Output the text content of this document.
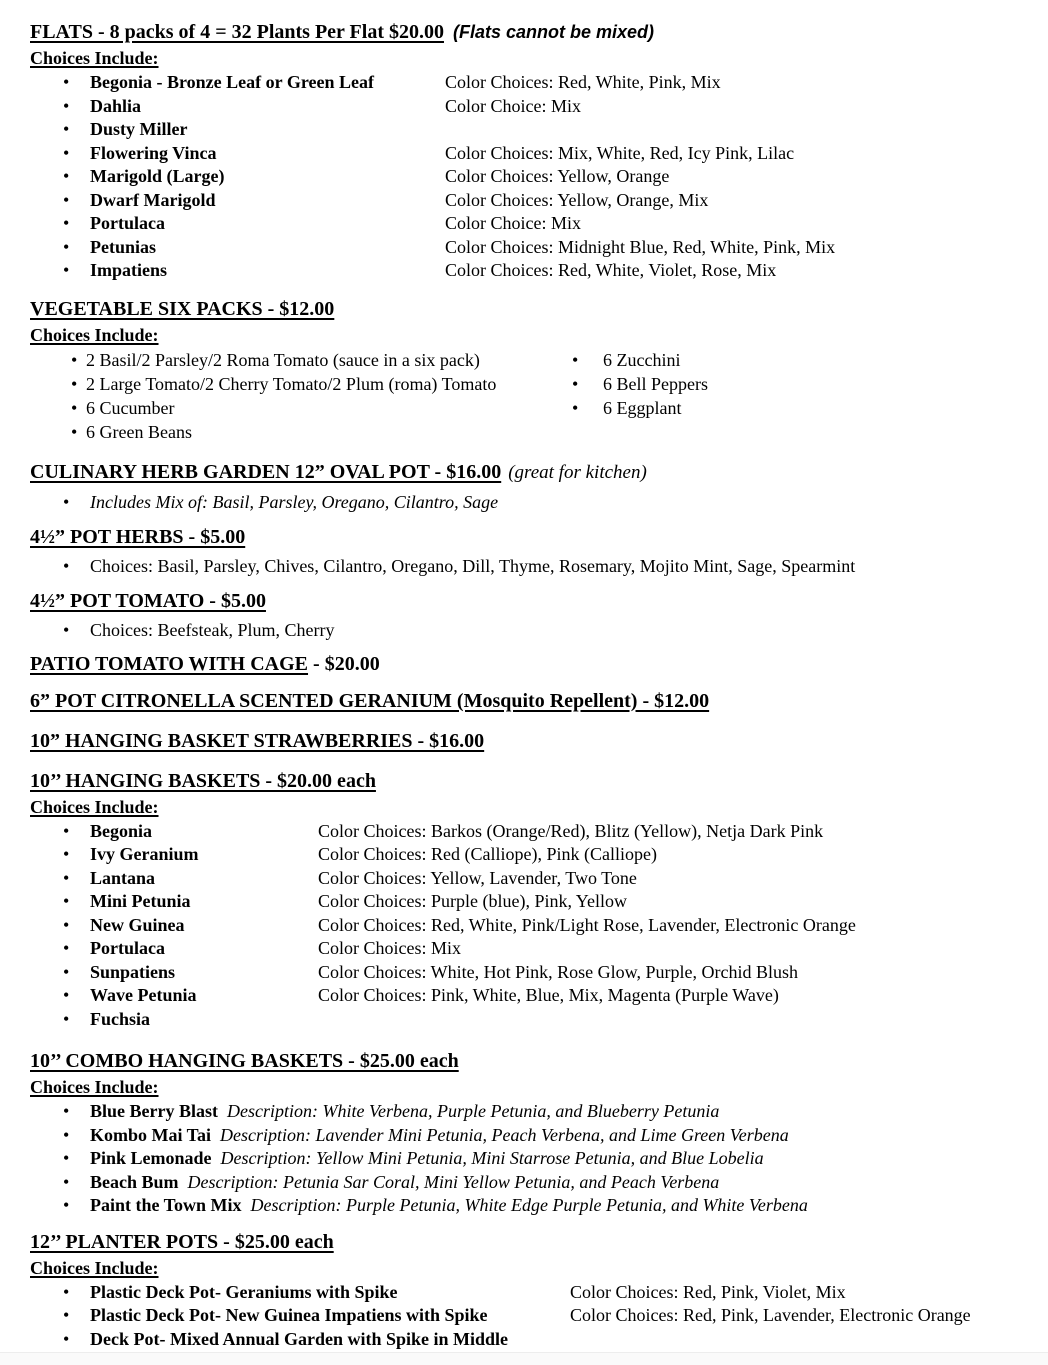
FLATS - 8 packs of 4 = 32 Plants Per Flat $20.00 (Flats cannot be mixed)
Choices Include:
• Begonia - Bronze Leaf or Green Leaf	Color Choices: Red, White, Pink, Mix
• Dahlia	Color Choice: Mix
• Dusty Miller
• Flowering Vinca	Color Choices: Mix, White, Red, Icy Pink, Lilac
• Marigold (Large)	Color Choices: Yellow, Orange
• Dwarf Marigold	Color Choices: Yellow, Orange, Mix
• Portulaca	Color Choice: Mix
• Petunias	Color Choices: Midnight Blue, Red, White, Pink, Mix
• Impatiens	Color Choices: Red, White, Violet, Rose, Mix
VEGETABLE SIX PACKS - $12.00
Choices Include:
• 2 Basil/2 Parsley/2 Roma Tomato (sauce in a six pack)
• 2 Large Tomato/2 Cherry Tomato/2 Plum (roma) Tomato
• 6 Cucumber
• 6 Green Beans
• 6 Zucchini
• 6 Bell Peppers
• 6 Eggplant
CULINARY HERB GARDEN 12” OVAL POT - $16.00 (great for kitchen)
• Includes Mix of: Basil, Parsley, Oregano, Cilantro, Sage
4½” POT HERBS - $5.00
• Choices: Basil, Parsley, Chives, Cilantro, Oregano, Dill, Thyme, Rosemary, Mojito Mint, Sage, Spearmint
4½” POT TOMATO - $5.00
• Choices: Beefsteak, Plum, Cherry
PATIO TOMATO WITH CAGE - $20.00
6” POT CITRONELLA SCENTED GERANIUM (Mosquito Repellent) - $12.00
10” HANGING BASKET STRAWBERRIES - $16.00
10’’ HANGING BASKETS - $20.00 each
Choices Include:
• Begonia	Color Choices: Barkos (Orange/Red), Blitz (Yellow), Netja Dark Pink
• Ivy Geranium	Color Choices: Red (Calliope), Pink (Calliope)
• Lantana	Color Choices: Yellow, Lavender, Two Tone
• Mini Petunia	Color Choices: Purple (blue), Pink, Yellow
• New Guinea	Color Choices: Red, White, Pink/Light Rose, Lavender, Electronic Orange
• Portulaca	Color Choices: Mix
• Sunpatiens	Color Choices: White, Hot Pink, Rose Glow, Purple, Orchid Blush
• Wave Petunia	Color Choices: Pink, White, Blue, Mix, Magenta (Purple Wave)
• Fuchsia
10’’ COMBO HANGING BASKETS - $25.00 each
Choices Include:
• Blue Berry Blast Description: White Verbena, Purple Petunia, and Blueberry Petunia
• Kombo Mai Tai Description: Lavender Mini Petunia, Peach Verbena, and Lime Green Verbena
• Pink Lemonade Description: Yellow Mini Petunia, Mini Starrose Petunia, and Blue Lobelia
• Beach Bum Description: Petunia Sar Coral, Mini Yellow Petunia, and Peach Verbena
• Paint the Town Mix Description: Purple Petunia, White Edge Purple Petunia, and White Verbena
12’’ PLANTER POTS - $25.00 each
Choices Include:
• Plastic Deck Pot- Geraniums with Spike	Color Choices: Red, Pink, Violet, Mix
• Plastic Deck Pot- New Guinea Impatiens with Spike	Color Choices: Red, Pink, Lavender, Electronic Orange
• Deck Pot- Mixed Annual Garden with Spike in Middle
